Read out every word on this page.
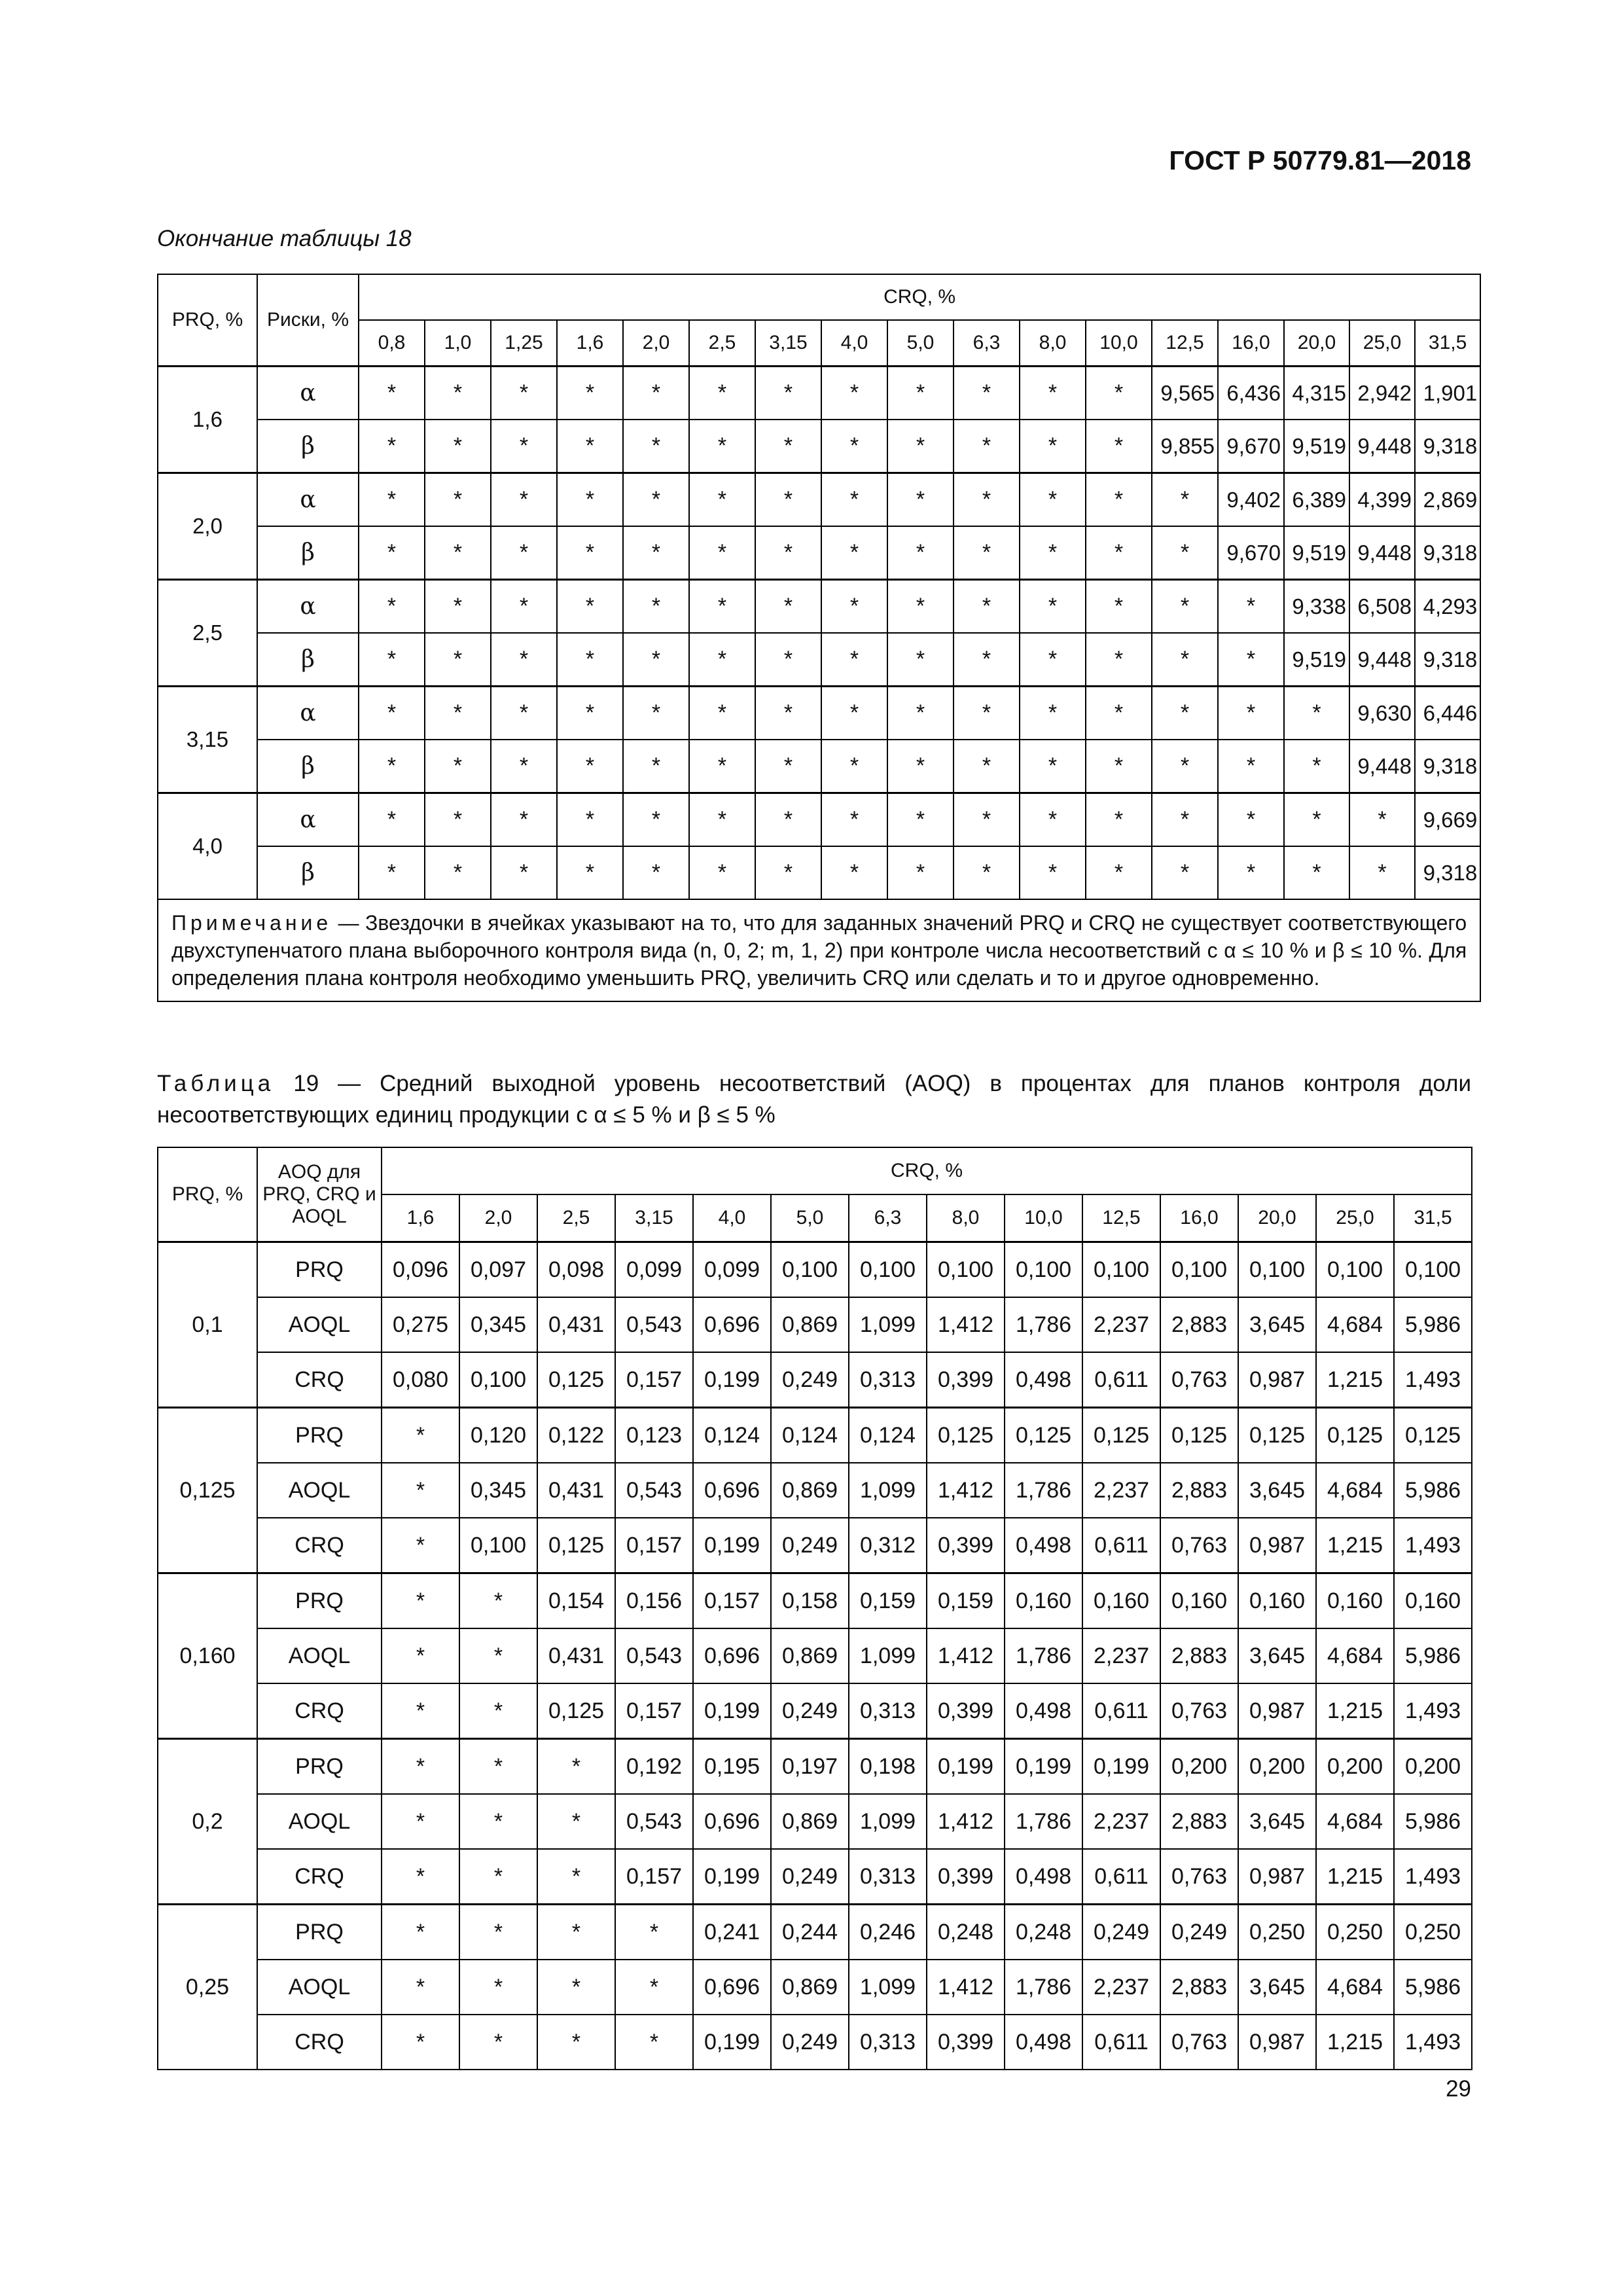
ГОСТ Р 50779.81—2018
Окончание таблицы 18
PRQ, %	Риски, %	CRQ, %																
		0,8	1,0	1,25	1,6	2,0	2,5	3,15	4,0	5,0	6,3	8,0	10,0	12,5	16,0	20,0	25,0	31,5
1,6	α	*	*	*	*	*	*	*	*	*	*	*	*	9,565	6,436	4,315	2,942	1,901
	β	*	*	*	*	*	*	*	*	*	*	*	*	9,855	9,670	9,519	9,448	9,318
2,0	α	*	*	*	*	*	*	*	*	*	*	*	*	*	9,402	6,389	4,399	2,869
	β	*	*	*	*	*	*	*	*	*	*	*	*	*	9,670	9,519	9,448	9,318
2,5	α	*	*	*	*	*	*	*	*	*	*	*	*	*	*	9,338	6,508	4,293
	β	*	*	*	*	*	*	*	*	*	*	*	*	*	*	9,519	9,448	9,318
3,15	α	*	*	*	*	*	*	*	*	*	*	*	*	*	*	*	9,630	6,446
	β	*	*	*	*	*	*	*	*	*	*	*	*	*	*	*	9,448	9,318
4,0	α	*	*	*	*	*	*	*	*	*	*	*	*	*	*	*	*	9,669
	β	*	*	*	*	*	*	*	*	*	*	*	*	*	*	*	*	9,318
Примечание — Звездочки в ячейках указывают на то, что для заданных значений PRQ и CRQ не существует соответствующего двухступенчатого плана выборочного контроля вида (n, 0, 2; m, 1, 2) при контроле числа несоответствий с α ≤ 10 % и β ≤ 10 %. Для определения плана контроля необходимо уменьшить PRQ, увеличить CRQ или сделать и то и другое одновременно.																		
Таблица 19 — Средний выходной уровень несоответствий (AOQ) в процентах для планов контроля доли несоответствующих единиц продукции с α ≤ 5 % и β ≤ 5 %
PRQ, %	AOQ для PRQ, CRQ и AOQL	CRQ, %													
		1,6	2,0	2,5	3,15	4,0	5,0	6,3	8,0	10,0	12,5	16,0	20,0	25,0	31,5
0,1	PRQ	0,096	0,097	0,098	0,099	0,099	0,100	0,100	0,100	0,100	0,100	0,100	0,100	0,100	0,100
	AOQL	0,275	0,345	0,431	0,543	0,696	0,869	1,099	1,412	1,786	2,237	2,883	3,645	4,684	5,986
	CRQ	0,080	0,100	0,125	0,157	0,199	0,249	0,313	0,399	0,498	0,611	0,763	0,987	1,215	1,493
0,125	PRQ	*	0,120	0,122	0,123	0,124	0,124	0,124	0,125	0,125	0,125	0,125	0,125	0,125	0,125
	AOQL	*	0,345	0,431	0,543	0,696	0,869	1,099	1,412	1,786	2,237	2,883	3,645	4,684	5,986
	CRQ	*	0,100	0,125	0,157	0,199	0,249	0,312	0,399	0,498	0,611	0,763	0,987	1,215	1,493
0,160	PRQ	*	*	0,154	0,156	0,157	0,158	0,159	0,159	0,160	0,160	0,160	0,160	0,160	0,160
	AOQL	*	*	0,431	0,543	0,696	0,869	1,099	1,412	1,786	2,237	2,883	3,645	4,684	5,986
	CRQ	*	*	0,125	0,157	0,199	0,249	0,313	0,399	0,498	0,611	0,763	0,987	1,215	1,493
0,2	PRQ	*	*	*	0,192	0,195	0,197	0,198	0,199	0,199	0,199	0,200	0,200	0,200	0,200
	AOQL	*	*	*	0,543	0,696	0,869	1,099	1,412	1,786	2,237	2,883	3,645	4,684	5,986
	CRQ	*	*	*	0,157	0,199	0,249	0,313	0,399	0,498	0,611	0,763	0,987	1,215	1,493
0,25	PRQ	*	*	*	*	0,241	0,244	0,246	0,248	0,248	0,249	0,249	0,250	0,250	0,250
	AOQL	*	*	*	*	0,696	0,869	1,099	1,412	1,786	2,237	2,883	3,645	4,684	5,986
	CRQ	*	*	*	*	0,199	0,249	0,313	0,399	0,498	0,611	0,763	0,987	1,215	1,493
29
